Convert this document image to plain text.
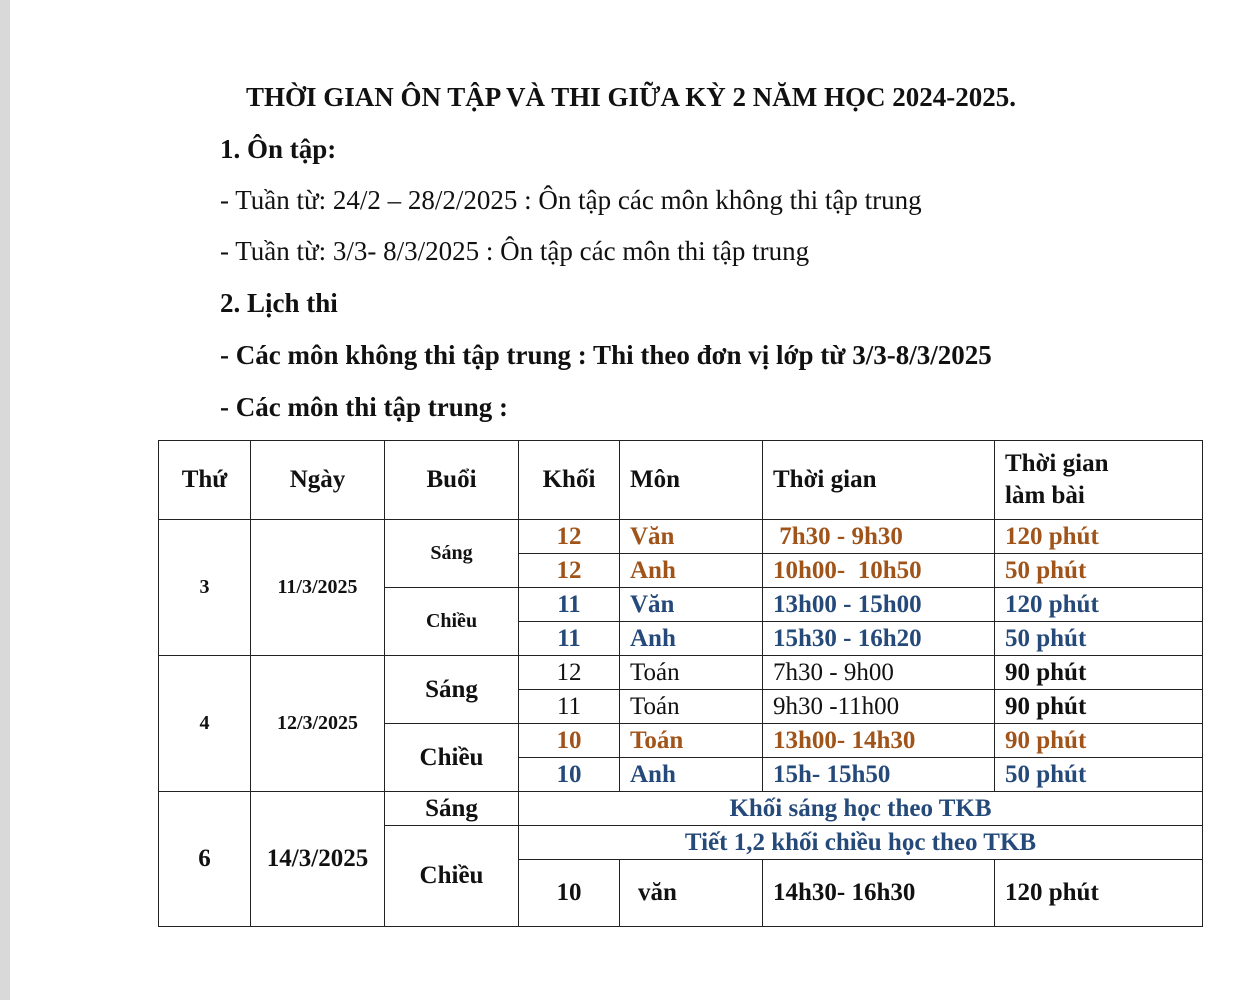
THỜI GIAN ÔN TẬP VÀ THI GIỮA KỲ 2 NĂM HỌC 2024-2025.
1. Ôn tập:
- Tuần từ: 24/2 – 28/2/2025 : Ôn tập các môn không thi tập trung
- Tuần từ: 3/3- 8/3/2025 : Ôn tập các môn thi tập trung
2. Lịch thi
- Các môn không thi tập trung : Thi theo đơn vị lớp từ 3/3-8/3/2025
- Các môn thi tập trung :
Thứ	Ngày	Buổi	Khối	Môn	Thời gian	Thời gian
làm bài
3	11/3/2025	Sáng	12	Văn	7h30 - 9h30	120 phút
			12	Anh	10h00-  10h50	50 phút
		Chiều	11	Văn	13h00 - 15h00	120 phút
			11	Anh	15h30 - 16h20	50 phút
4	12/3/2025	Sáng	12	Toán	7h30 - 9h00	90 phút
			11	Toán	9h30 -11h00	90 phút
		Chiều	10	Toán	13h00- 14h30	90 phút
			10	Anh	15h- 15h50	50 phút
6	14/3/2025	Sáng	Khối sáng học theo TKB			
		Chiều	Tiết 1,2 khối chiều học theo TKB			
			10	văn	14h30- 16h30	120 phút
